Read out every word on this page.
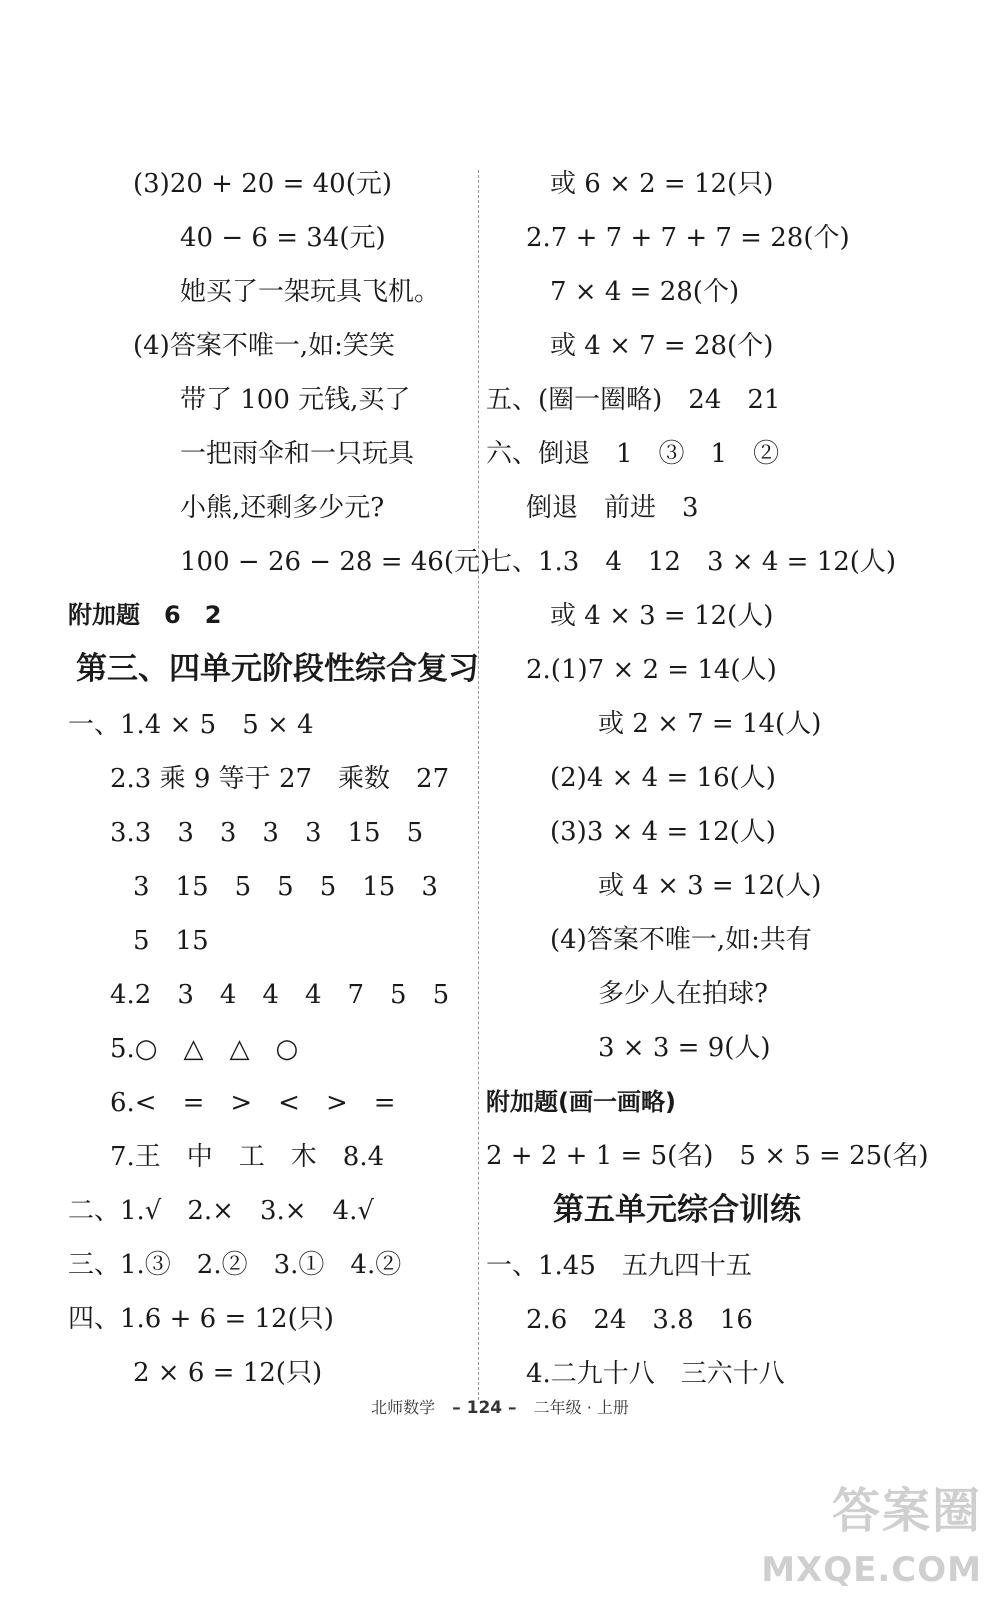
(3)20 + 20 = 40(元)
40 − 6 = 34(元)
她买了一架玩具飞机。
(4)答案不唯一,如:笑笑
带了 100 元钱,买了
一把雨伞和一只玩具
小熊,还剩多少元?
100 − 26 − 28 = 46(元)
附加题　6　2
第三、四单元阶段性综合复习
一、1.4 × 5　5 × 4
2.3 乘 9 等于 27　乘数　27
3.3　3　3　3　3　15　5
3　15　5　5　5　15　3
5　15
4.2　3　4　4　4　7　5　5
5.○　△　△　○
6.<　=　>　<　>　=
7.王　中　工　木　8.4
二、1.√　2.×　3.×　4.√
三、1.③　2.②　3.①　4.②
四、1.6 + 6 = 12(只)
2 × 6 = 12(只)
或 6 × 2 = 12(只)
2.7 + 7 + 7 + 7 = 28(个)
7 × 4 = 28(个)
或 4 × 7 = 28(个)
五、(圈一圈略)　24　21
六、倒退　1　③　1　②
倒退　前进　3
七、1.3　4　12　3 × 4 = 12(人)
或 4 × 3 = 12(人)
2.(1)7 × 2 = 14(人)
或 2 × 7 = 14(人)
(2)4 × 4 = 16(人)
(3)3 × 4 = 12(人)
或 4 × 3 = 12(人)
(4)答案不唯一,如:共有
多少人在拍球?
3 × 3 = 9(人)
附加题(画一画略)
2 + 2 + 1 = 5(名)　5 × 5 = 25(名)
第五单元综合训练
一、1.45　五九四十五
2.6　24　3.8　16
4.二九十八　三六十八
北师数学 – 124 – 二年级 · 上册
答案圈
MXQE.COM
